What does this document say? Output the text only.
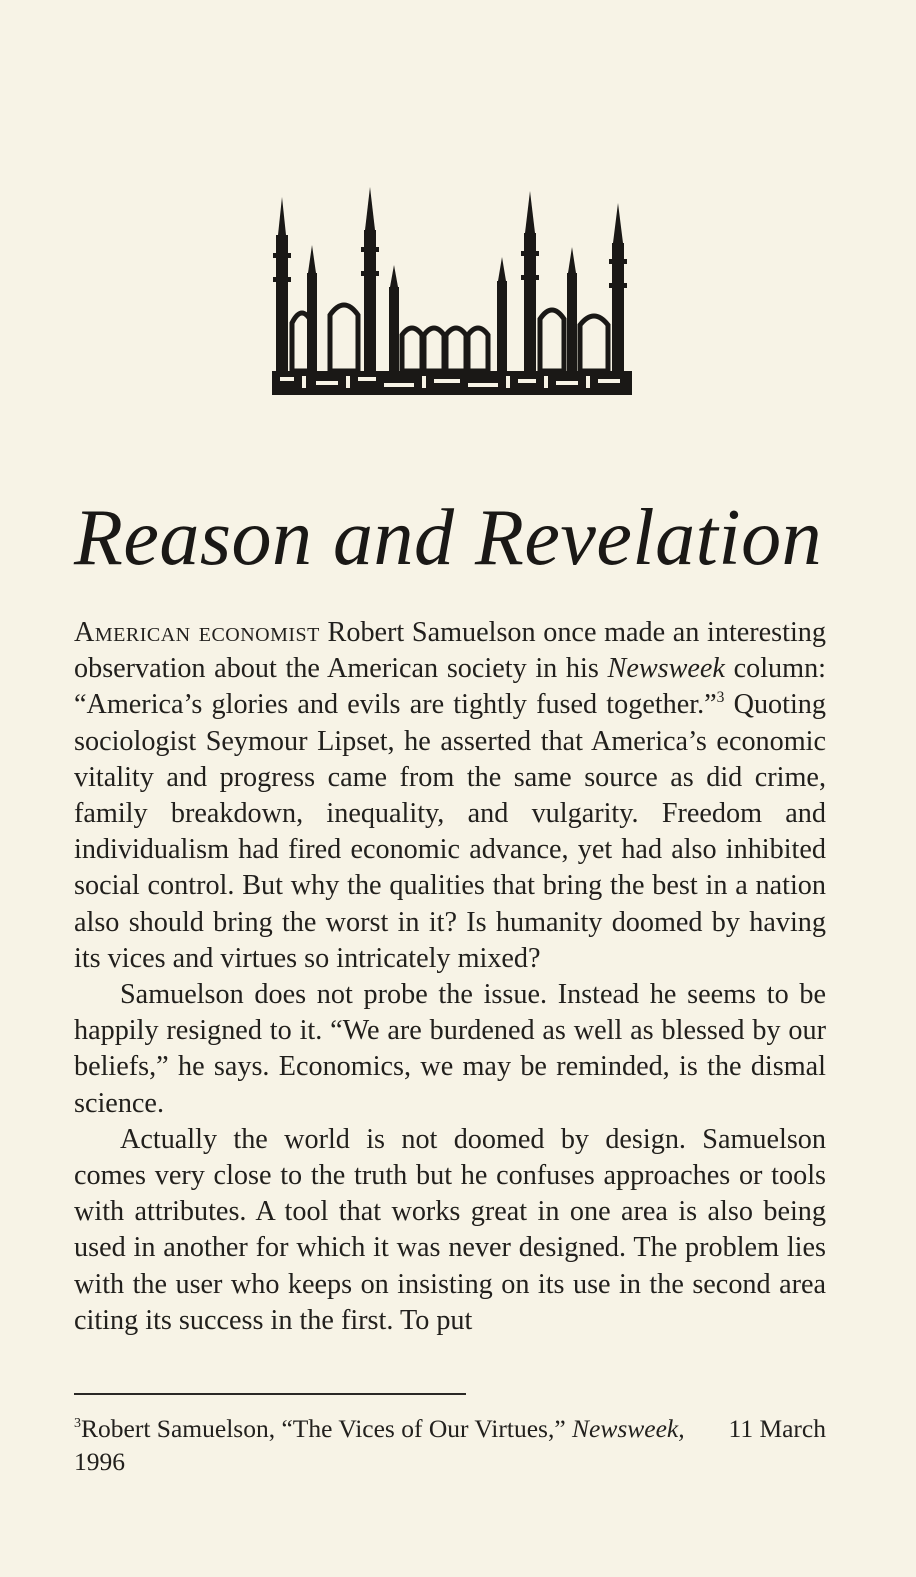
Reason and Revelation

American economist Robert Samuelson once made an interesting observation about the American society in his Newsweek column: “America’s glories and evils are tightly fused together.”$^3$ Quoting sociologist Seymour Lipset, he asserted that America’s economic vitality and progress came from the same source as did crime, family breakdown, inequality, and vulgarity. Freedom and individualism had fired economic advance, yet had also inhibited social control. But why the qualities that bring the best in a nation also should bring the worst in it? Is humanity doomed by having its vices and virtues so intricately mixed?

Samuelson does not probe the issue. Instead he seems to be happily resigned to it. “We are burdened as well as blessed by our beliefs,” he says. Economics, we may be reminded, is the dismal science.

Actually the world is not doomed by design. Samuelson comes very close to the truth but he confuses approaches or tools with attributes. A tool that works great in one area is also being used in another for which it was never designed. The problem lies with the user who keeps on insisting on its use in the second area citing its success in the first. To put

$^3$Robert Samuelson, “The Vices of Our Virtues,” Newsweek, 11 March
1996
